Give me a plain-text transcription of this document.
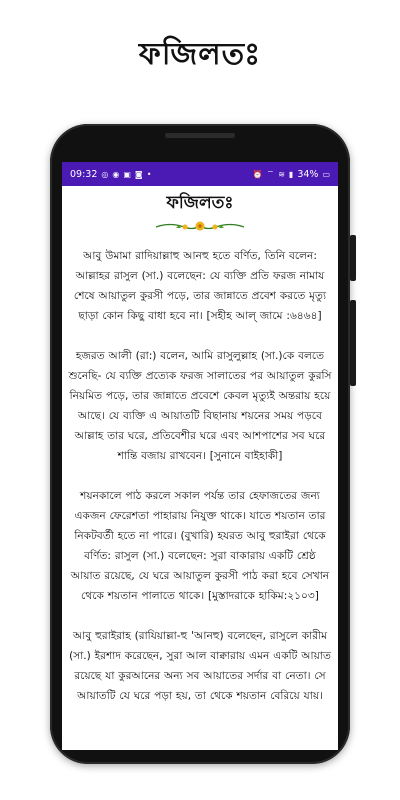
ফজিলতঃ
09:32 ◎ ◉ ▣ ◙ •	⏰ ⌔ ≋ ▮ 34% ▭
ফজিলতঃ

আবু উমামা রাদিয়াল্লাহু আনহু হতে বর্ণিত, তিনি বলেন: আল্লাহর রাসুল (সা.) বলেছেন: যে ব্যক্তি প্রতি ফরজ নামায শেষে আয়াতুল কুরসী পড়ে, তার জান্নাতে প্রবেশ করতে মৃত্যু ছাড়া কোন কিছু বাধা হবে না। [সহীহ আল্ জামে :৬৪৬৪]

হজরত আলী (রা:) বলেন, আমি রাসুলুল্লাহ (সা.)কে বলতে শুনেছি- যে ব্যক্তি প্রত্যেক ফরজ সালাতের পর আয়াতুল কুরসি নিয়মিত পড়ে, তার জান্নাতে প্রবেশে কেবল মৃত্যুই অন্তরায় হয়ে আছে। যে ব্যক্তি এ আয়াতটি বিছানায় শয়নের সময় পড়বে আল্লাহ তার ঘরে, প্রতিবেশীর ঘরে এবং আশপাশের সব ঘরে শান্তি বজায় রাখবেন। [সুনানে বাইহাকী]

শয়নকালে পাঠ করলে সকাল পর্যন্ত তার হেফাজতের জন্য একজন ফেরেশতা পাহারায় নিযুক্ত থাকে। যাতে শয়তান তার নিকটবর্তী হতে না পারে। (বুখারি) হযরত আবু হুরাইরা থেকে বর্ণিত: রাসুল (সা.) বলেছেন: সুরা বাকারায় একটি শ্রেষ্ঠ আয়াত রয়েছে, যে ঘরে আয়াতুল কুরসী পাঠ করা হবে সেখান থেকে শয়তান পালাতে থাকে। [মুস্তাদরাকে হাকিম:২১০৩]

আবু হুরাইরাহ (রাযিয়াল্লা-হু 'আনহু) বলেছেন, রাসুলে কারীম (সা.) ইরশাদ করেছেন, সুরা আল বাক্বারায় এমন একটি আয়াত রয়েছে যা কুরআনের অন্য সব আয়াতের সর্দার বা নেতা। সে আয়াতটি যে ঘরে পড়া হয়, তা থেকে শয়তান বেরিয়ে যায়।
